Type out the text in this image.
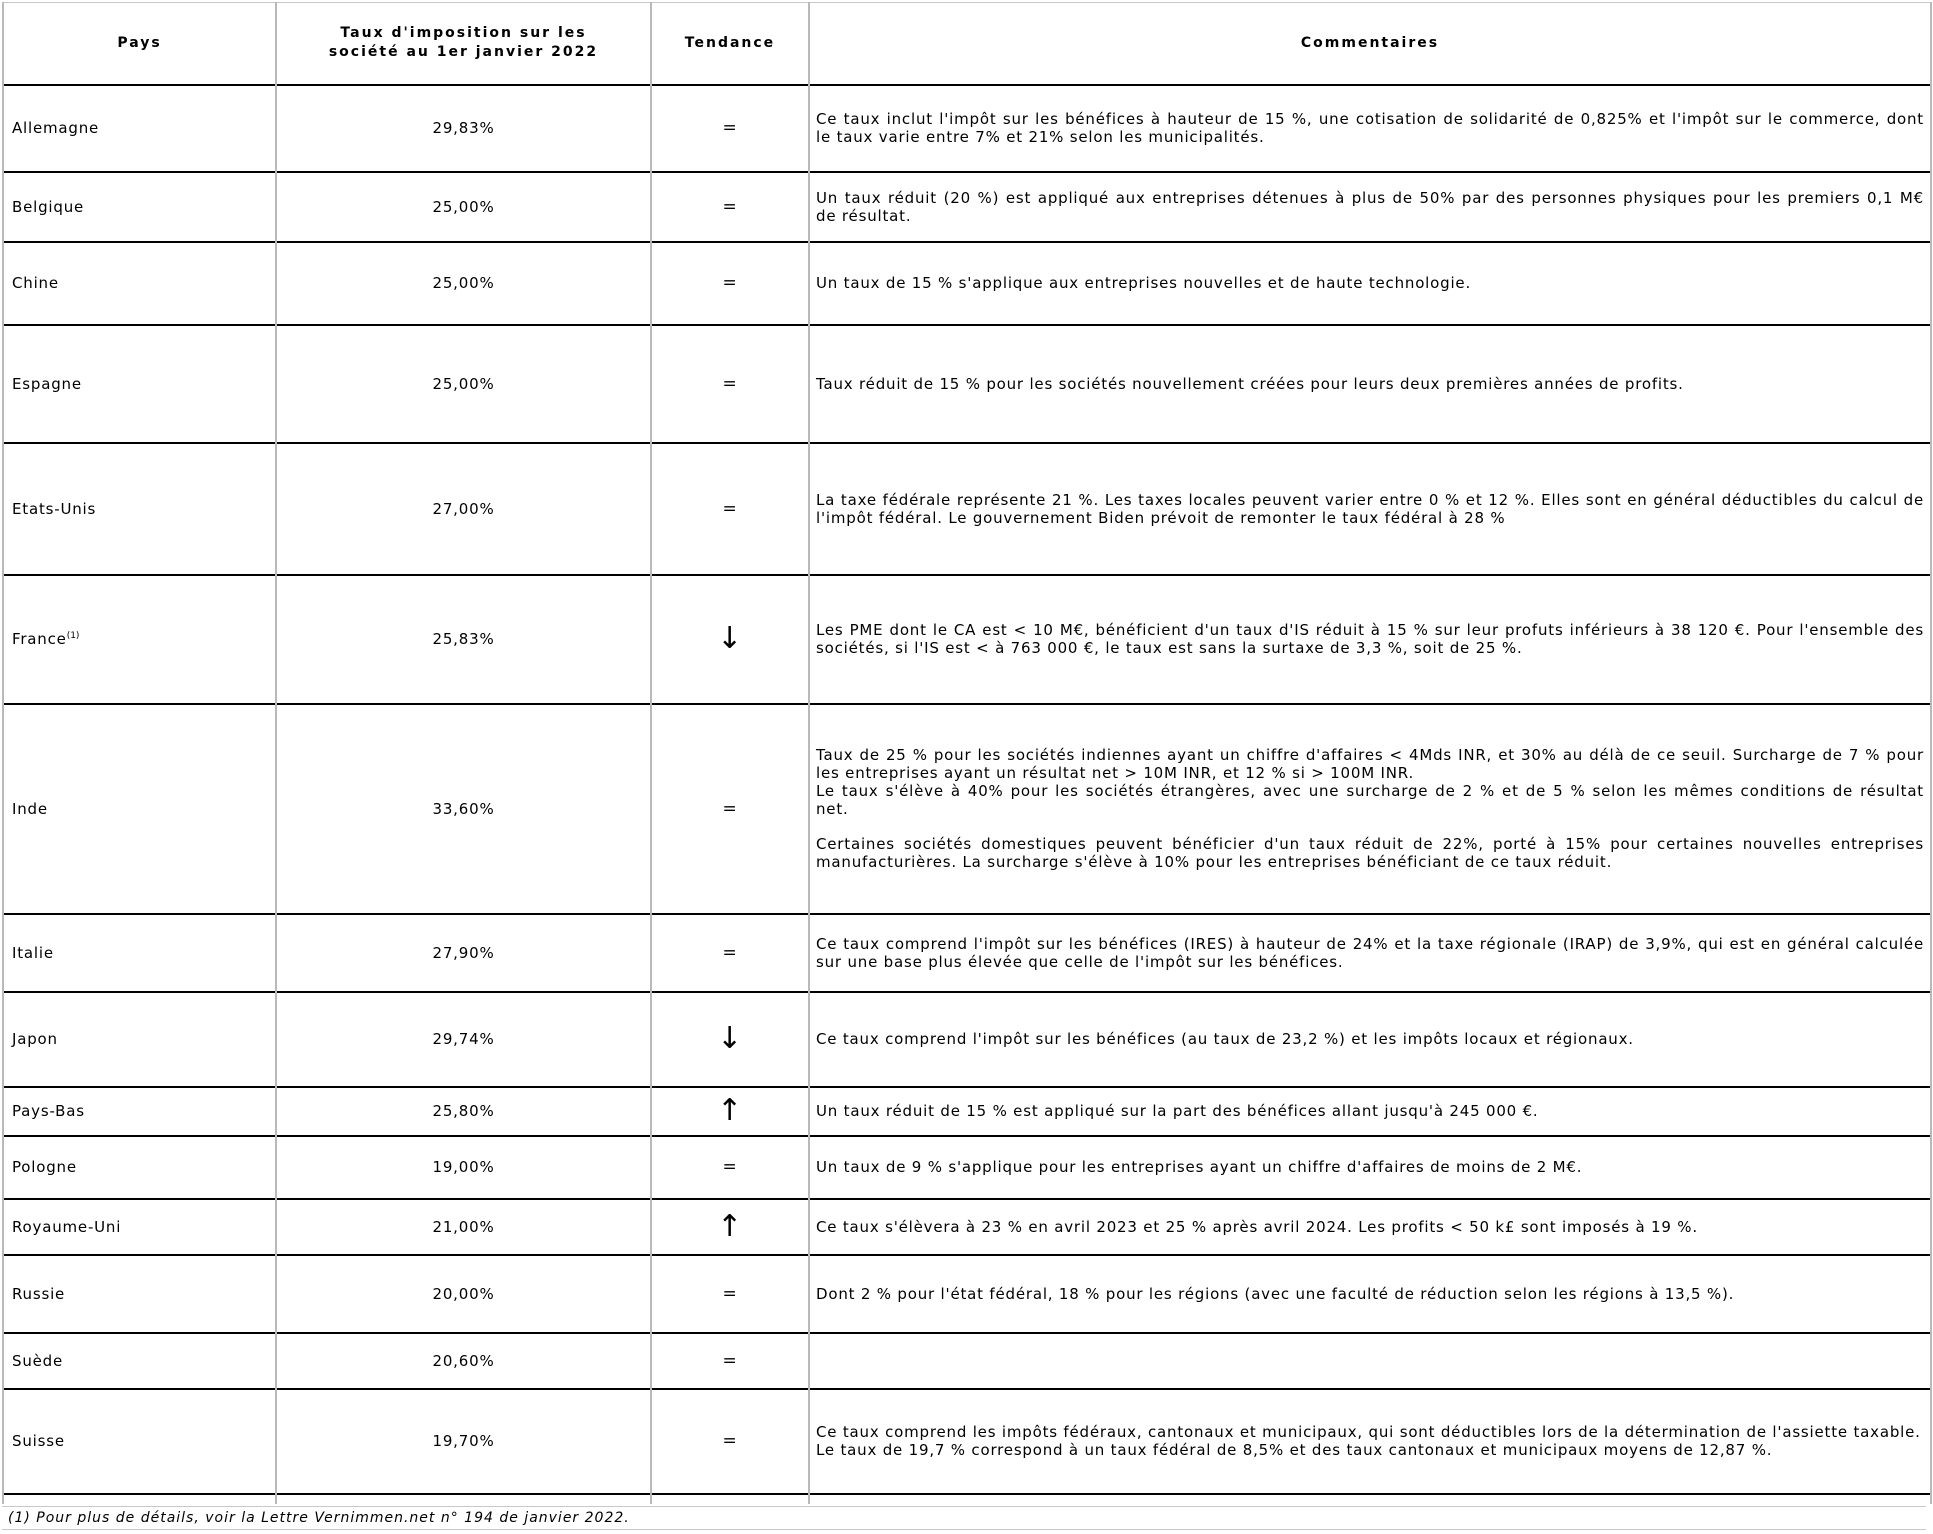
Pays	Taux d'imposition sur les
société au 1er janvier 2022	Tendance	Commentaires
Allemagne	29,83%	=	Ce taux inclut l'impôt sur les bénéfices à hauteur de 15 %, une cotisation de solidarité de 0,825% et l'impôt sur le commerce, dont le taux varie entre 7% et 21% selon les municipalités.

Belgique	25,00%	=	Un taux réduit (20 %) est appliqué aux entreprises détenues à plus de 50% par des personnes physiques pour les premiers 0,1 M€ de résultat.

Chine	25,00%	=	Un taux de 15 % s'applique aux entreprises nouvelles et de haute technologie.

Espagne	25,00%	=	Taux réduit de 15 % pour les sociétés nouvellement créées pour leurs deux premières années de profits.

Etats-Unis	27,00%	=	La taxe fédérale représente 21 %. Les taxes locales peuvent varier entre 0 % et 12 %. Elles sont en général déductibles du calcul de l'impôt fédéral. Le gouvernement Biden prévoit de remonter le taux fédéral à 28 %

France$^{(1)}$	25,83%	↓	Les PME dont le CA est < 10 M€, bénéficient d'un taux d'IS réduit à 15 % sur leur profuts inférieurs à 38 120 €. Pour l'ensemble des sociétés, si l'IS est < à 763 000 €, le taux est sans la surtaxe de 3,3 %, soit de 25 %.

Inde	33,60%	=	Taux de 25 % pour les sociétés indiennes ayant un chiffre d'affaires < 4Mds INR, et 30% au délà de ce seuil. Surcharge de 7 % pour les entreprises ayant un résultat net > 10M INR, et 12 % si > 100M INR.
Le taux s'élève à 40% pour les sociétés étrangères, avec une surcharge de 2 % et de 5 % selon les mêmes conditions de résultat net.
Certaines sociétés domestiques peuvent bénéficier d'un taux réduit de 22%, porté à 15% pour certaines nouvelles entreprises manufacturières. La surcharge s'élève à 10% pour les entreprises bénéficiant de ce taux réduit.

Italie	27,90%	=	Ce taux comprend l'impôt sur les bénéfices (IRES) à hauteur de 24% et la taxe régionale (IRAP) de 3,9%, qui est en général calculée sur une base plus élevée que celle de l'impôt sur les bénéfices.

Japon	29,74%	↓	Ce taux comprend l'impôt sur les bénéfices (au taux de 23,2 %) et les impôts locaux et régionaux.

Pays-Bas	25,80%	↑	Un taux réduit de 15 % est appliqué sur la part des bénéfices allant jusqu'à 245 000 €.

Pologne	19,00%	=	Un taux de 9 % s'applique pour les entreprises ayant un chiffre d'affaires de moins de 2 M€.

Royaume-Uni	21,00%	↑	Ce taux s'élèvera à 23 % en avril 2023 et 25 % après avril 2024. Les profits < 50 k£ sont imposés à 19 %.

Russie	20,00%	=	Dont 2 % pour l'état fédéral, 18 % pour les régions (avec une faculté de réduction selon les régions à 13,5 %).

Suède	20,60%	=	
Suisse	19,70%	=	Ce taux comprend les impôts fédéraux, cantonaux et municipaux, qui sont déductibles lors de la détermination de l'assiette taxable. Le taux de 19,7 % correspond à un taux fédéral de 8,5% et des taux cantonaux et municipaux moyens de 12,87 %.

(1) Pour plus de détails, voir la Lettre Vernimmen.net n° 194 de janvier 2022.
